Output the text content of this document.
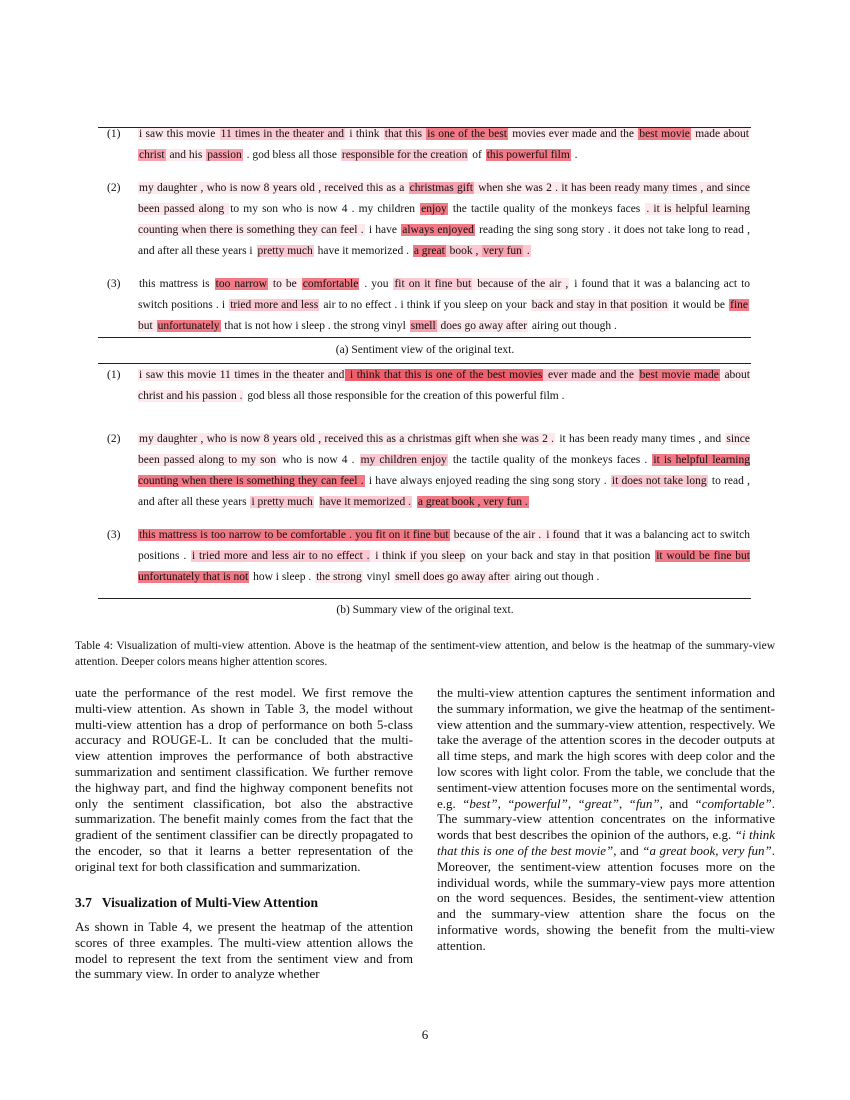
(1) i saw this movie 11 times in the theater and i think that this is one of the best movies ever made and the best movie made about christ and his passion . god bless all those responsible for the creation of this powerful film .
(2) my daughter , who is now 8 years old , received this as a christmas gift when she was 2 . it has been ready many times , and since been passed along to my son who is now 4 . my children enjoy the tactile quality of the monkeys faces . it is helpful learning counting when there is something they can feel . i have always enjoyed reading the sing song story . it does not take long to read , and after all these years i pretty much have it memorized . a great book , very fun .
(3) this mattress is too narrow to be comfortable . you fit on it fine but because of the air , i found that it was a balancing act to switch positions . i tried more and less air to no effect . i think if you sleep on your back and stay in that position it would be fine but unfortunately that is not how i sleep . the strong vinyl smell does go away after airing out though .
(a) Sentiment view of the original text.
(1) i saw this movie 11 times in the theater and i think that this is one of the best movies ever made and the best movie made about christ and his passion . god bless all those responsible for the creation of this powerful film .
(2) my daughter , who is now 8 years old , received this as a christmas gift when she was 2 . it has been ready many times , and since been passed along to my son who is now 4 . my children enjoy the tactile quality of the monkeys faces . it is helpful learning counting when there is something they can feel . i have always enjoyed reading the sing song story . it does not take long to read , and after all these years i pretty much have it memorized . a great book , very fun .
(3) this mattress is too narrow to be comfortable . you fit on it fine but because of the air . i found that it was a balancing act to switch positions . i tried more and less air to no effect . i think if you sleep on your back and stay in that position it would be fine but unfortunately that is not how i sleep . the strong vinyl smell does go away after airing out though .
(b) Summary view of the original text.
Table 4: Visualization of multi-view attention. Above is the heatmap of the sentiment-view attention, and below is the heatmap of the summary-view attention. Deeper colors means higher attention scores.

uate the performance of the rest model. We first remove the multi-view attention. As shown in Table 3, the model without multi-view attention has a drop of performance on both 5-class accuracy and ROUGE-L. It can be concluded that the multi-view attention improves the performance of both abstractive summarization and sentiment classification. We further remove the highway part, and find the highway component benefits not only the sentiment classification, bot also the abstractive summarization. The benefit mainly comes from the fact that the gradient of the sentiment classifier can be directly propagated to the encoder, so that it learns a better representation of the original text for both classification and summarization.

3.7 Visualization of Multi-View Attention

As shown in Table 4, we present the heatmap of the attention scores of three examples. The multi-view attention allows the model to represent the text from the sentiment view and from the summary view. In order to analyze whether

the multi-view attention captures the sentiment information and the summary information, we give the heatmap of the sentiment-view attention and the summary-view attention, respectively. We take the average of the attention scores in the decoder outputs at all time steps, and mark the high scores with deep color and the low scores with light color. From the table, we conclude that the sentiment-view attention focuses more on the sentimental words, e.g. “best”, “powerful”, “great”, “fun”, and “comfortable”. The summary-view attention concentrates on the informative words that best describes the opinion of the authors, e.g. “i think that this is one of the best movie”, and “a great book, very fun”. Moreover, the sentiment-view attention focuses more on the individual words, while the summary-view pays more attention on the word sequences. Besides, the sentiment-view attention and the summary-view attention share the focus on the informative words, showing the benefit from the multi-view attention.

6
